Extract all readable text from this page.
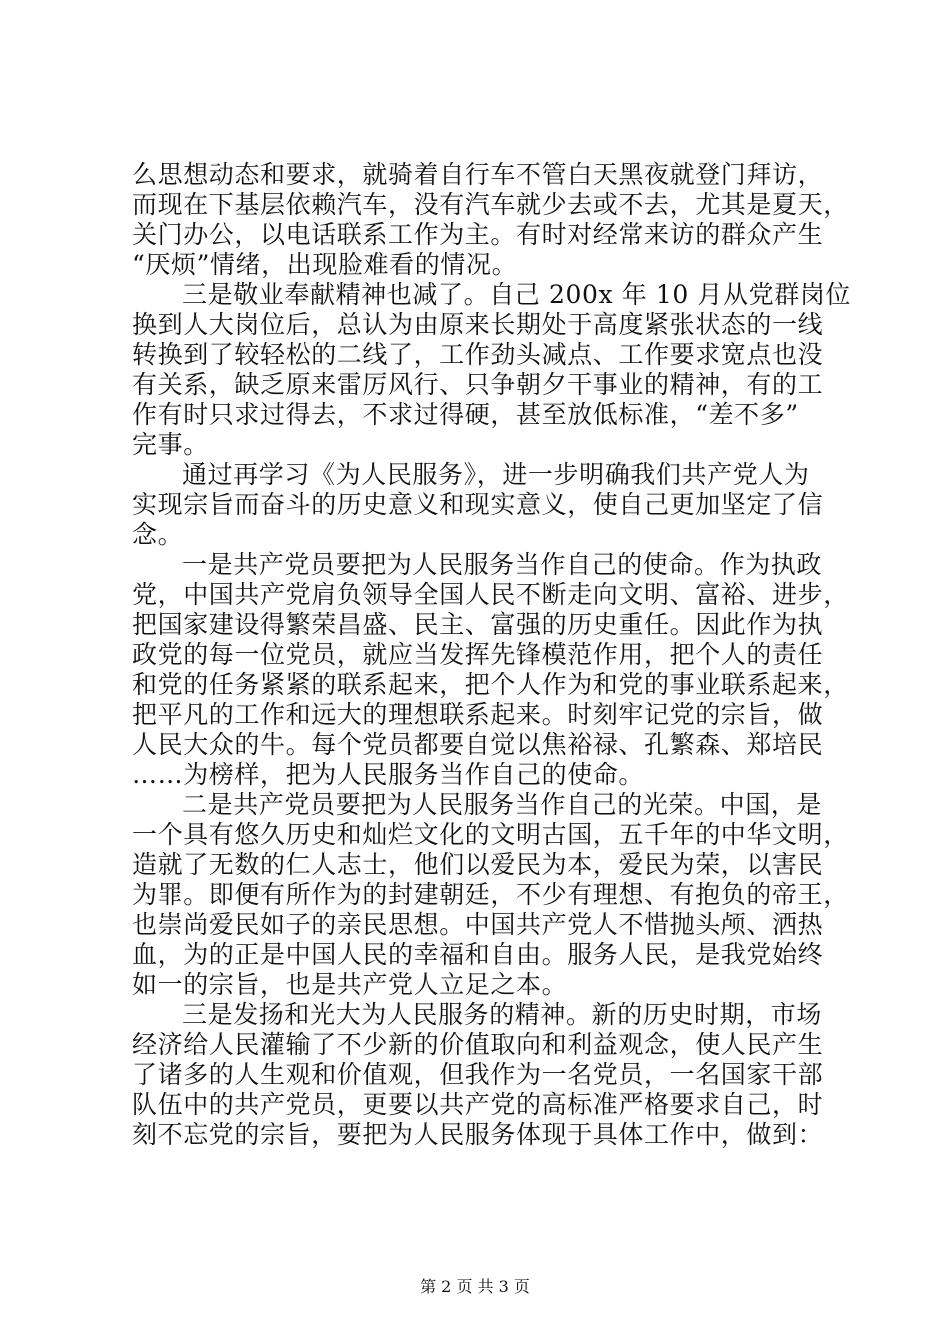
么思想动态和要求，就骑着自行车不管白天黑夜就登门拜访，
而现在下基层依赖汽车，没有汽车就少去或不去，尤其是夏天，
关门办公，以电话联系工作为主。有时对经常来访的群众产生
“厌烦”情绪，出现脸难看的情况。
三是敬业奉献精神也减了。自己 200x 年 10 月从党群岗位
换到人大岗位后，总认为由原来长期处于高度紧张状态的一线
转换到了较轻松的二线了，工作劲头减点、工作要求宽点也没
有关系，缺乏原来雷厉风行、只争朝夕干事业的精神，有的工
作有时只求过得去，不求过得硬，甚至放低标准，“差不多”
完事。
通过再学习《为人民服务》，进一步明确我们共产党人为
实现宗旨而奋斗的历史意义和现实意义，使自己更加坚定了信
念。
一是共产党员要把为人民服务当作自己的使命。作为执政
党，中国共产党肩负领导全国人民不断走向文明、富裕、进步，
把国家建设得繁荣昌盛、民主、富强的历史重任。因此作为执
政党的每一位党员，就应当发挥先锋模范作用，把个人的责任
和党的任务紧紧的联系起来，把个人作为和党的事业联系起来，
把平凡的工作和远大的理想联系起来。时刻牢记党的宗旨，做
人民大众的牛。每个党员都要自觉以焦裕禄、孔繁森、郑培民
……为榜样，把为人民服务当作自己的使命。
二是共产党员要把为人民服务当作自己的光荣。中国，是
一个具有悠久历史和灿烂文化的文明古国，五千年的中华文明，
造就了无数的仁人志士，他们以爱民为本，爱民为荣，以害民
为罪。即便有所作为的封建朝廷，不少有理想、有抱负的帝王，
也崇尚爱民如子的亲民思想。中国共产党人不惜抛头颅、洒热
血，为的正是中国人民的幸福和自由。服务人民，是我党始终
如一的宗旨，也是共产党人立足之本。
三是发扬和光大为人民服务的精神。新的历史时期，市场
经济给人民灌输了不少新的价值取向和利益观念，使人民产生
了诸多的人生观和价值观，但我作为一名党员，一名国家干部
队伍中的共产党员，更要以共产党的高标准严格要求自己，时
刻不忘党的宗旨，要把为人民服务体现于具体工作中，做到：
第 2 页 共 3 页
